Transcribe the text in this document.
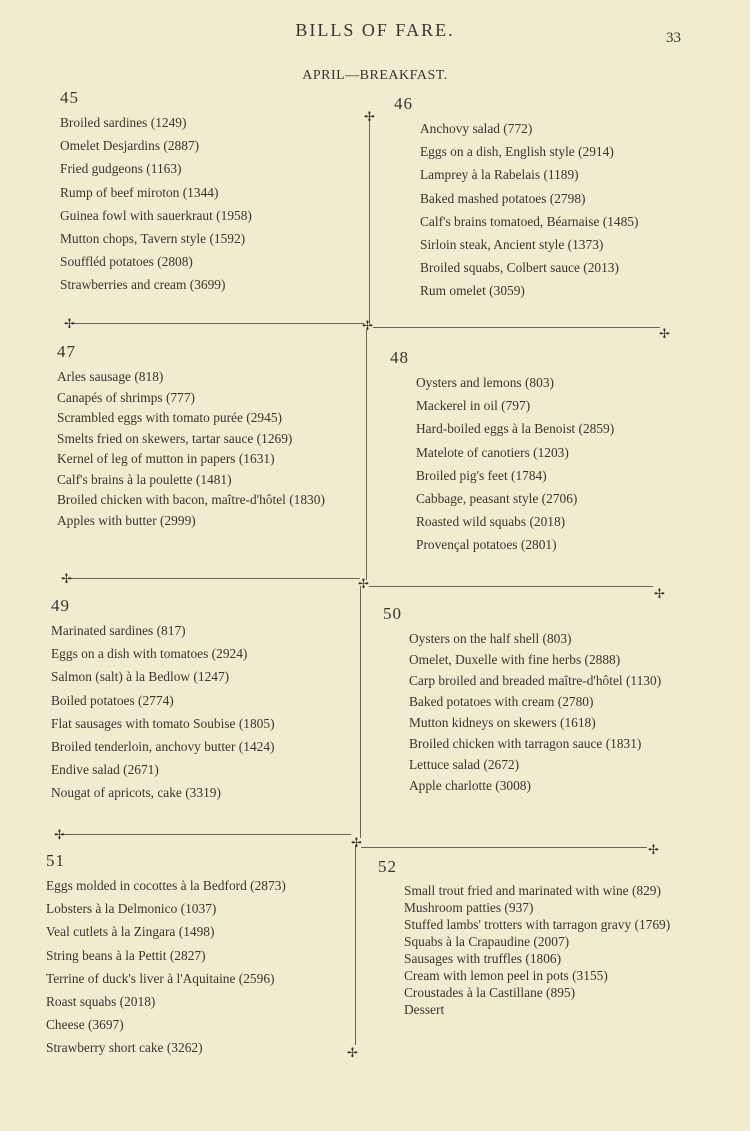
BILLS OF FARE.	33
APRIL—BREAKFAST.
✢
✢	✢
✢
✢	✢
✢
✢
✢	✢
✢
45
Broiled sardines (1249)
Omelet Desjardins (2887)
Fried gudgeons (1163)
Rump of beef miroton (1344)
Guinea fowl with sauerkraut (1958)
Mutton chops, Tavern style (1592)
Souffléd potatoes (2808)
Strawberries and cream (3699)
46
Anchovy salad (772)
Eggs on a dish, English style (2914)
Lamprey à la Rabelais (1189)
Baked mashed potatoes (2798)
Calf's brains tomatoed, Béarnaise (1485)
Sirloin steak, Ancient style (1373)
Broiled squabs, Colbert sauce (2013)
Rum omelet (3059)
47
Arles sausage (818)
Canapés of shrimps (777)
Scrambled eggs with tomato purée (2945)
Smelts fried on skewers, tartar sauce (1269)
Kernel of leg of mutton in papers (1631)
Calf's brains à la poulette (1481)
Broiled chicken with bacon, maître-d'hôtel (1830)
Apples with butter (2999)
48
Oysters and lemons (803)
Mackerel in oil (797)
Hard-boiled eggs à la Benoist (2859)
Matelote of canotiers (1203)
Broiled pig's feet (1784)
Cabbage, peasant style (2706)
Roasted wild squabs (2018)
Provençal potatoes (2801)
49
Marinated sardines (817)
Eggs on a dish with tomatoes (2924)
Salmon (salt) à la Bedlow (1247)
Boiled potatoes (2774)
Flat sausages with tomato Soubise (1805)
Broiled tenderloin, anchovy butter (1424)
Endive salad (2671)
Nougat of apricots, cake (3319)
50
Oysters on the half shell (803)
Omelet, Duxelle with fine herbs (2888)
Carp broiled and breaded maître-d'hôtel (1130)
Baked potatoes with cream (2780)
Mutton kidneys on skewers (1618)
Broiled chicken with tarragon sauce (1831)
Lettuce salad (2672)
Apple charlotte (3008)
51
Eggs molded in cocottes à la Bedford (2873)
Lobsters à la Delmonico (1037)
Veal cutlets à la Zingara (1498)
String beans à la Pettit (2827)
Terrine of duck's liver à l'Aquitaine (2596)
Roast squabs (2018)
Cheese (3697)
Strawberry short cake (3262)
52
Small trout fried and marinated with wine (829)
Mushroom patties (937)
Stuffed lambs' trotters with tarragon gravy (1769)
Squabs à la Crapaudine (2007)
Sausages with truffles (1806)
Cream with lemon peel in pots (3155)
Croustades à la Castillane (895)
Dessert
